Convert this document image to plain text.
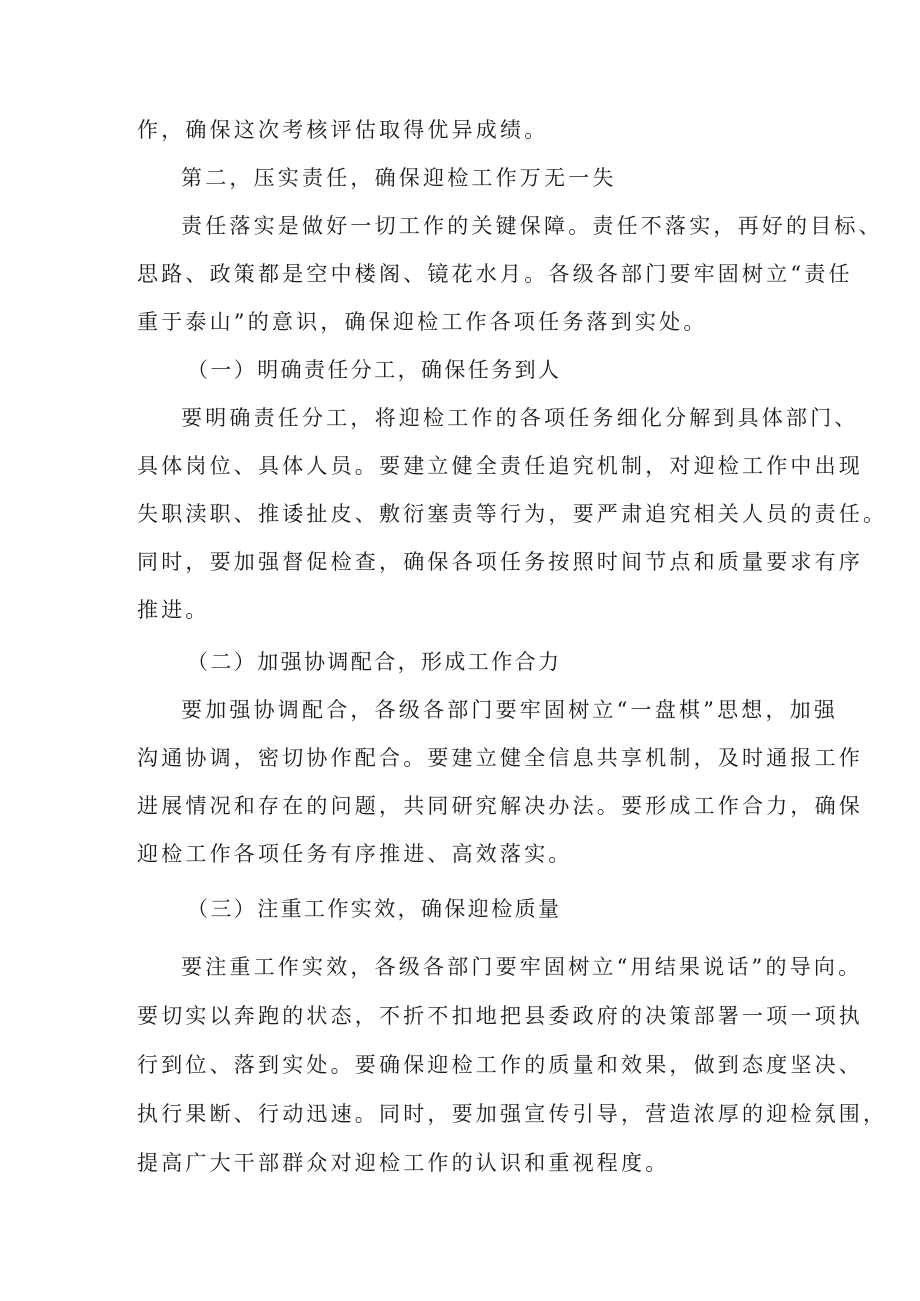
作，确保这次考核评估取得优异成绩。
第二，压实责任，确保迎检工作万无一失
责任落实是做好一切工作的关键保障。责任不落实，再好的目标、
思路、政策都是空中楼阁、镜花水月。各级各部门要牢固树立“责任
重于泰山”的意识，确保迎检工作各项任务落到实处。
（一）明确责任分工，确保任务到人
要明确责任分工，将迎检工作的各项任务细化分解到具体部门、
具体岗位、具体人员。要建立健全责任追究机制，对迎检工作中出现
失职渎职、推诿扯皮、敷衍塞责等行为，要严肃追究相关人员的责任。
同时，要加强督促检查，确保各项任务按照时间节点和质量要求有序
推进。
（二）加强协调配合，形成工作合力
要加强协调配合，各级各部门要牢固树立“一盘棋”思想，加强
沟通协调，密切协作配合。要建立健全信息共享机制，及时通报工作
进展情况和存在的问题，共同研究解决办法。要形成工作合力，确保
迎检工作各项任务有序推进、高效落实。
（三）注重工作实效，确保迎检质量
要注重工作实效，各级各部门要牢固树立“用结果说话”的导向。
要切实以奔跑的状态，不折不扣地把县委政府的决策部署一项一项执
行到位、落到实处。要确保迎检工作的质量和效果，做到态度坚决、
执行果断、行动迅速。同时，要加强宣传引导，营造浓厚的迎检氛围，
提高广大干部群众对迎检工作的认识和重视程度。
